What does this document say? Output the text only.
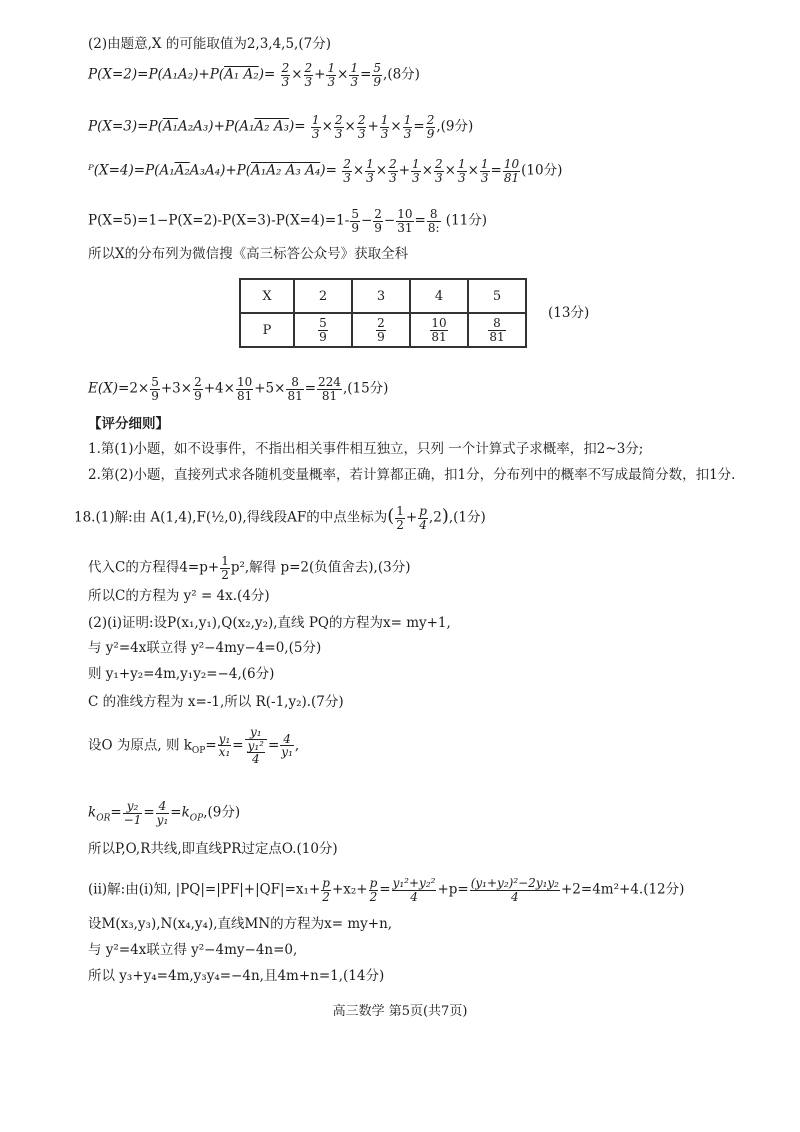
(2)由题意,X 的可能取值为2,3,4,5,(7分)
P(X=2)=P(A₁A₂)+P(A₁ $A_2)= \frac{2}{3} \times \frac{2}{3} + \frac{1}{3} \times \frac{1}{3} = \frac{5}{9} ,(8$分)
P(X=3)=P(A₁A₂A₃)+P(A₁A₂ $A_3)= \frac{1}{3} \times \frac{2}{3} \times \frac{2}{3} + \frac{1}{3} \times \frac{1}{3} = \frac{2}{9} ,(9$分)
ᴾ(X=4)=P(A₁A₂A₃A₄)+P(A₁A₂ A₃ $A_4)= \frac{2}{3} \times \frac{1}{3} \times \frac{2}{3} + \frac{1}{3} \times \frac{2}{3} \times \frac{1}{3} \times \frac{1}{3} = \frac{10}{81} (10$分)
$P(X=5)=1-P(X=2)-P(X=3)-P(X=4)=1- \frac{5}{9} - \frac{2}{9} - \frac{10}{31} = \frac{8}{8:} (11$分)
所以X的分布列为微信搜《高三标答公众号》获取全科
X	2	3	4	5
P	$\frac{5}{9}$	$\frac{2}{9}$	$\frac{10}{81}$	$\frac{8}{81}$
(13分)
$E(X)=2\times \frac{5}{9} +3\times \frac{2}{9} +4\times \frac{10}{81} +5\times \frac{8}{81} = \frac{224}{81} ,(15$分)
【评分细则】
1.第(1)小题，如不设事件，不指出相关事件相互独立，只列 一个计算式子求概率，扣2~3分;
2.第(2)小题，直接列式求各随机变量概率，若计算都正确，扣1分，分布列中的概率不写成最简分数，扣1分.
18.(1)解:由 A(1,4),F(½,0),得线段AF的中点坐标为( $\frac{1}{2} + \frac{p}{4} ,2),(1$分)
代入C的方程得$4=p+ \frac{1}{2} p^2$,解得 p=2(负值舍去),(3分)
所以C的方程为 y² = 4x.(4分)
(2)(i)证明:设P(x₁,y₁),Q(x₂,y₂),直线 PQ的方程为x= my+1,
与 y²=4x联立得 y²−4my−4=0,(5分)
则 y₁+y₂=4m,y₁y₂=−4,(6分)
C 的准线方程为 x=-1,所以 R(-1,y₂).(7分)
设O 为原点, 则 $k_{OP}= \frac{\text{y₁}}{\text{x₁}} = \frac{\text{y₁}}{\frac{\text{y₁²}}{4}} = \frac{4}{\text{y₁}}$ ,
$k_{OR}= \frac{\text{y₂}}{-1} = \frac{4}{\text{y₁}} =k_{OP},(9$分)
所以P,O,R共线,即直线PR过定点O.(10分)
(ii)解:由(i)知, $|PQ|=|PF|+|QF|=x_1+ \frac{p}{2} +x_2+ \frac{p}{2} = \frac{\text{y₁²+y₂²}}{4} +p= \frac{\text{(y₁+y₂)²−2y₁y₂}}{4} +2=4m^2+4.(12$分)
设M(x₃,y₃),N(x₄,y₄),直线MN的方程为x= my+n,
与 y²=4x联立得 y²−4my−4n=0,
所以 y₃+y₄=4m,y₃y₄=−4n,且4m+n=1,(14分)
高三数学 第5页(共7页)
